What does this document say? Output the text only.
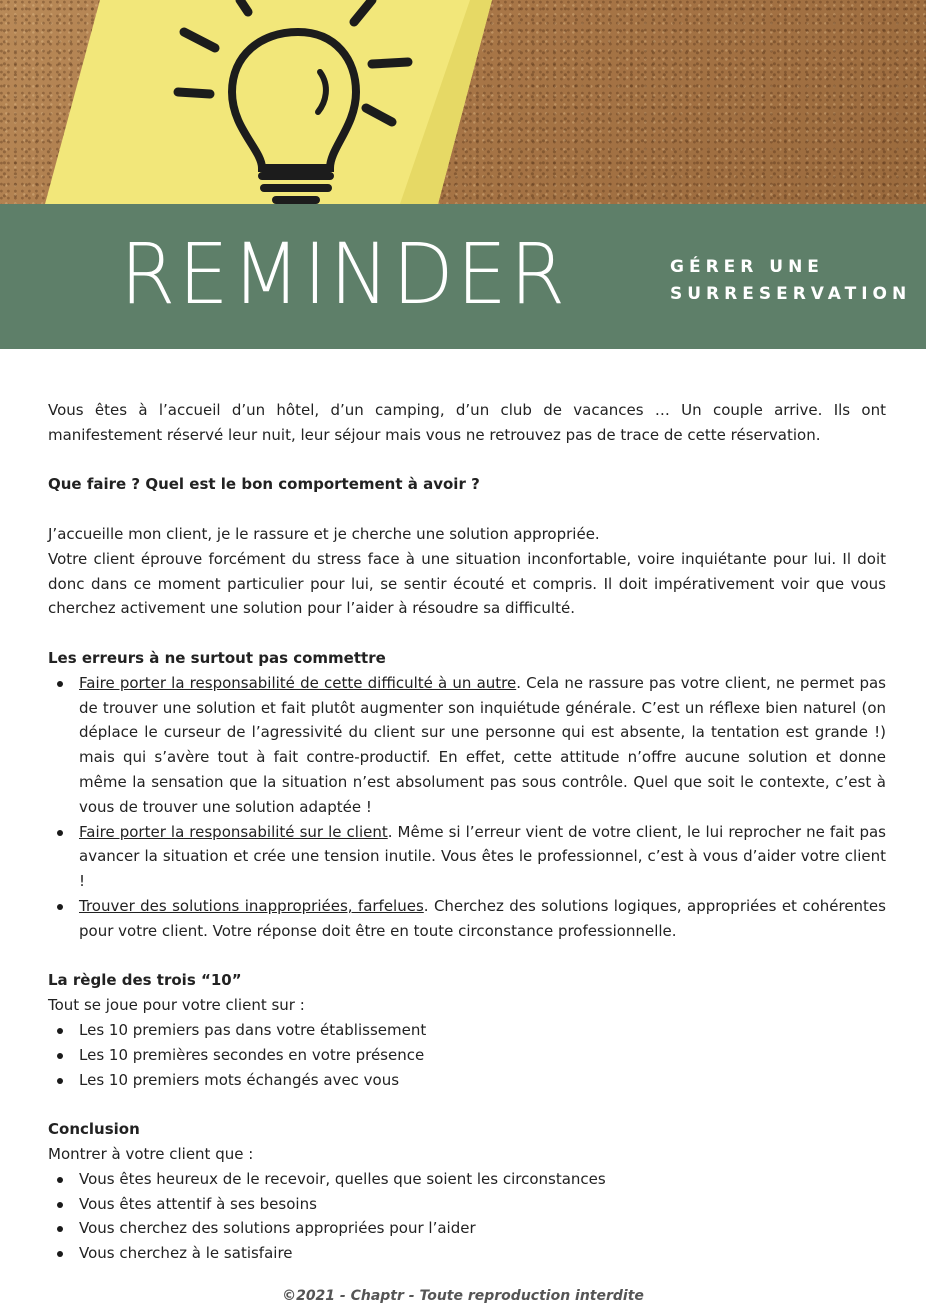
REMINDER	GÉRER UNE
SURRESERVATION

Vous êtes à l’accueil d’un hôtel, d’un camping, d’un club de vacances … Un couple arrive. Ils ont manifestement réservé leur nuit, leur séjour mais vous ne retrouvez pas de trace de cette réservation.

Que faire ? Quel est le bon comportement à avoir ?

J’accueille mon client, je le rassure et je cherche une solution appropriée.

Votre client éprouve forcément du stress face à une situation inconfortable, voire inquiétante pour lui. Il doit donc dans ce moment particulier pour lui, se sentir écouté et compris. Il doit impérativement voir que vous cherchez activement une solution pour l’aider à résoudre sa difficulté.

Les erreurs à ne surtout pas commettre

Faire porter la responsabilité de cette difficulté à un autre. Cela ne rassure pas votre client, ne permet pas de trouver une solution et fait plutôt augmenter son inquiétude générale. C’est un réflexe bien naturel (on déplace le curseur de l’agressivité du client sur une personne qui est absente, la tentation est grande !) mais qui s’avère tout à fait contre-productif. En effet, cette attitude n’offre aucune solution et donne même la sensation que la situation n’est absolument pas sous contrôle. Quel que soit le contexte, c’est à vous de trouver une solution adaptée !
Faire porter la responsabilité sur le client. Même si l’erreur vient de votre client, le lui reprocher ne fait pas avancer la situation et crée une tension inutile. Vous êtes le professionnel, c’est à vous d’aider votre client !
Trouver des solutions inappropriées, farfelues. Cherchez des solutions logiques, appropriées et cohérentes pour votre client. Votre réponse doit être en toute circonstance professionnelle.

La règle des trois “10”

Tout se joue pour votre client sur :

Les 10 premiers pas dans votre établissement
Les 10 premières secondes en votre présence
Les 10 premiers mots échangés avec vous

Conclusion

Montrer à votre client que :

Vous êtes heureux de le recevoir, quelles que soient les circonstances
Vous êtes attentif à ses besoins
Vous cherchez des solutions appropriées pour l’aider
Vous cherchez à le satisfaire
©2021 - Chaptr - Toute reproduction interdite
